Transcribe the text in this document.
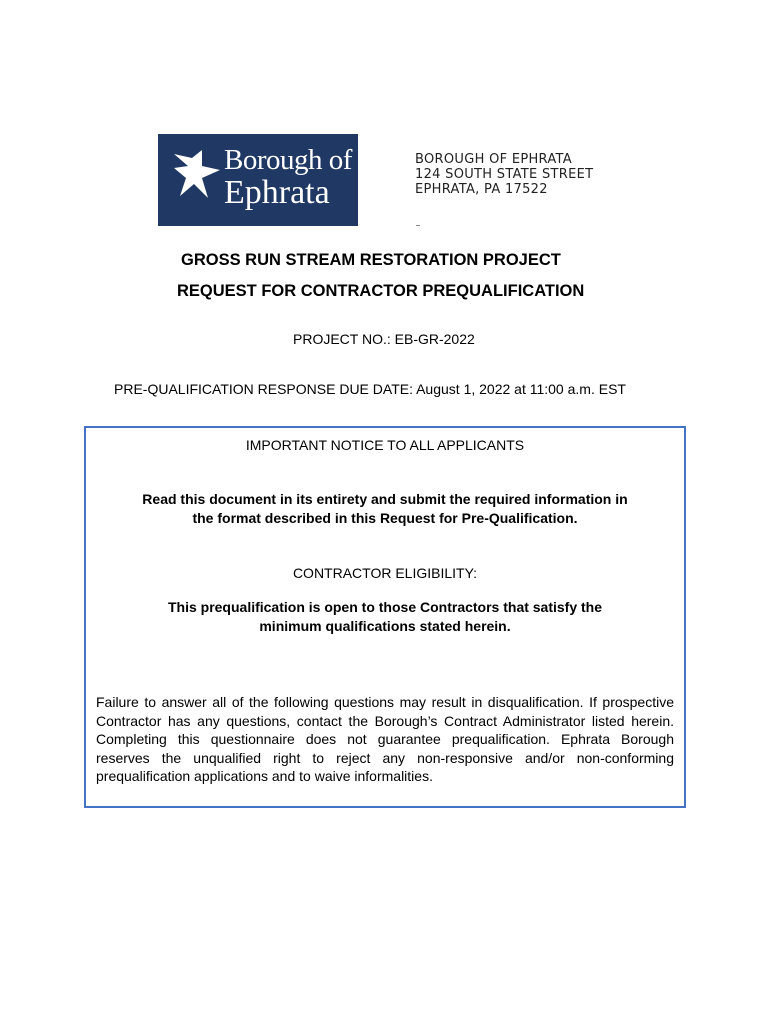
Borough of
Ephrata
BOROUGH OF EPHRATA
124 SOUTH STATE STREET
EPHRATA, PA 17522
GROSS RUN STREAM RESTORATION PROJECT
REQUEST FOR CONTRACTOR PREQUALIFICATION
PROJECT NO.: EB-GR-2022
PRE-QUALIFICATION RESPONSE DUE DATE: August 1, 2022 at 11:00 a.m. EST
IMPORTANT NOTICE TO ALL APPLICANTS
Read this document in its entirety and submit the required information in
the format described in this Request for Pre-Qualification.
CONTRACTOR ELIGIBILITY:
This prequalification is open to those Contractors that satisfy the
minimum qualifications stated herein.
Failure to answer all of the following questions may result in disqualification. If prospective Contractor has any questions, contact the Borough’s Contract Administrator listed herein. Completing this questionnaire does not guarantee prequalification. Ephrata Borough reserves the unqualified right to reject any non-responsive and/or non-conforming prequalification applications and to waive informalities.
